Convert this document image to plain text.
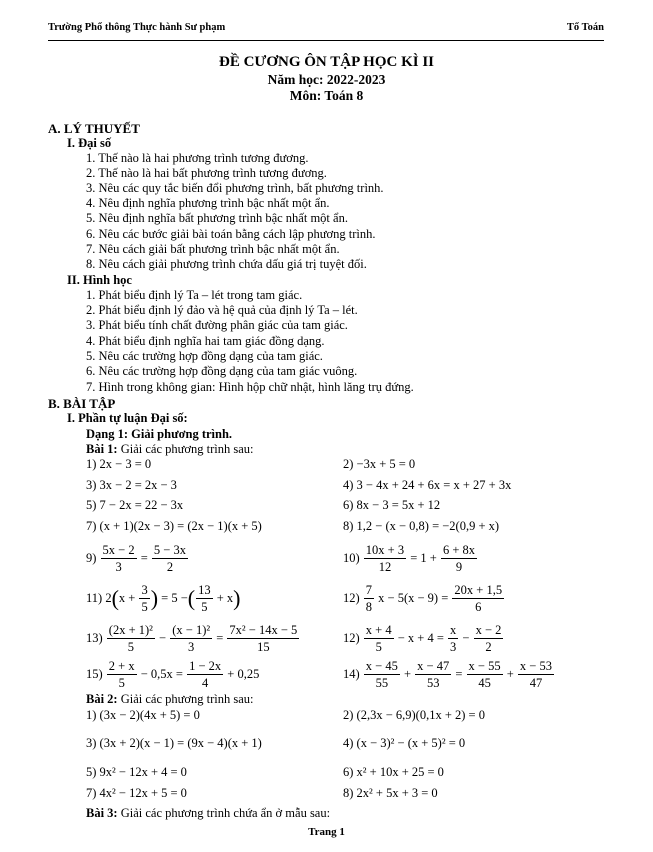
Trường Phổ thông Thực hành Sư phạm	Tổ Toán
ĐỀ CƯƠNG ÔN TẬP HỌC KÌ II
Năm học: 2022-2023
Môn: Toán 8
A. LÝ THUYẾT
I. Đại số
1. Thế nào là hai phương trình tương đương.
2. Thế nào là hai bất phương trình tương đương.
3. Nêu các quy tắc biến đổi phương trình, bất phương trình.
4. Nêu định nghĩa phương trình bậc nhất một ẩn.
5. Nêu định nghĩa bất phương trình bậc nhất một ẩn.
6. Nêu các bước giải bài toán bằng cách lập phương trình.
7. Nêu cách giải bất phương trình bậc nhất một ẩn.
8. Nêu cách giải phương trình chứa dấu giá trị tuyệt đối.
II. Hình học
1. Phát biểu định lý Ta – lét trong tam giác.
2. Phát biểu định lý đảo và hệ quả của định lý Ta – lét.
3. Phát biểu tính chất đường phân giác của tam giác.
4. Phát biểu định nghĩa hai tam giác đồng dạng.
5. Nêu các trường hợp đồng dạng của tam giác.
6. Nêu các trường hợp đồng dạng của tam giác vuông.
7. Hình trong không gian: Hình hộp chữ nhật, hình lăng trụ đứng.
B. BÀI TẬP
I. Phần tự luận Đại số:
Dạng 1: Giải phương trình.
Bài 1: Giải các phương trình sau:
1) 2x − 3 = 0	2) −3x + 5 = 0
3) 3x − 2 = 2x − 3	4) 3 − 4x + 24 + 6x = x + 27 + 3x
5) 7 − 2x = 22 − 3x	6) 8x − 3 = 5x + 12
7) (x + 1)(2x − 3) = (2x − 1)(x + 5)	8) 1,2 − (x − 0,8) = −2(0,9 + x)
$9) \frac{5x - 2}{3} = \frac{5 - 3x}{2}$	$10) \frac{10x + 3}{12} = 1 + \frac{6 + 8x}{9}$
11) $2(x + \frac{3}{5}$ ) = 5 −( $\frac{13}{5} + x$)	$12) \frac{7}{8}$ $x - 5(x - 9) = \frac{20x + 1,5}{6}$
$13) \frac{\text{(2x + 1)²}}{5} - \frac{\text{(x − 1)²}}{3} = \frac{\text{7x² − 14x − 5}}{15}$	$12) \frac{x + 4}{5} - x + 4 = \frac{x}{3} - \frac{x - 2}{2}$
$15) \frac{2 + x}{5} - 0,5x = \frac{1 - 2x}{4} + 0,25$	$14) \frac{x - 45}{55} + \frac{x - 47}{53} = \frac{x - 55}{45} + \frac{x - 53}{47}$
Bài 2: Giải các phương trình sau:
1) (3x − 2)(4x + 5) = 0	2) (2,3x − 6,9)(0,1x + 2) = 0
3) (3x + 2)(x − 1) = (9x − 4)(x + 1)	4) (x − 3)² − (x + 5)² = 0
5) 9x² − 12x + 4 = 0	6) x² + 10x + 25 = 0
7) 4x² − 12x + 5 = 0	8) 2x² + 5x + 3 = 0
Bài 3: Giải các phương trình chứa ẩn ở mẫu sau:
Trang 1
